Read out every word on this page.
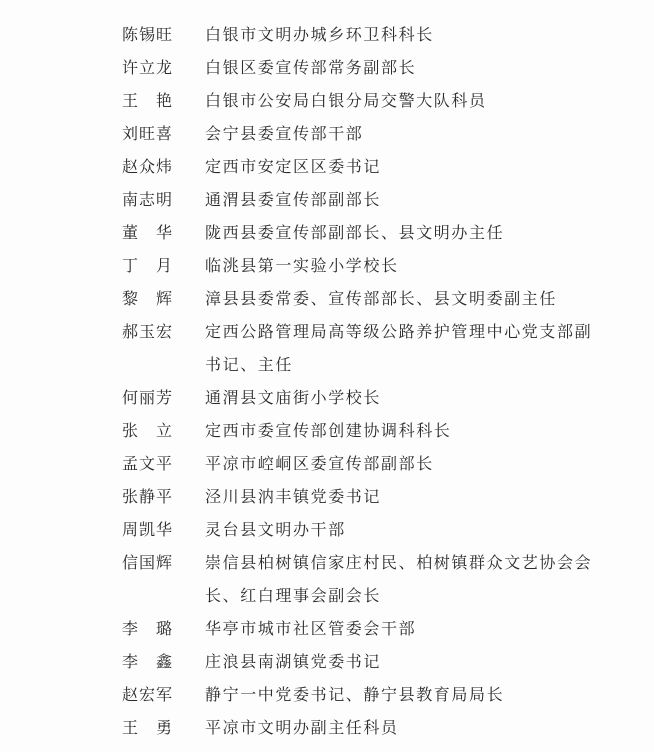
陈锡旺	白银市文明办城乡环卫科科长
许立龙	白银区委宣传部常务副部长
王　艳	白银市公安局白银分局交警大队科员
刘旺喜	会宁县委宣传部干部
赵众炜	定西市安定区区委书记
南志明	通渭县委宣传部副部长
董　华	陇西县委宣传部副部长、县文明办主任
丁　月	临洮县第一实验小学校长
黎　辉	漳县县委常委、宣传部部长、县文明委副主任
郝玉宏	定西公路管理局高等级公路养护管理中心党支部副书记、主任
何丽芳	通渭县文庙街小学校长
张　立	定西市委宣传部创建协调科科长
孟文平	平凉市崆峒区委宣传部副部长
张静平	泾川县汭丰镇党委书记
周凯华	灵台县文明办干部
信国辉	崇信县柏树镇信家庄村民、柏树镇群众文艺协会会长、红白理事会副会长
李　璐	华亭市城市社区管委会干部
李　鑫	庄浪县南湖镇党委书记
赵宏军	静宁一中党委书记、静宁县教育局局长
王　勇	平凉市文明办副主任科员
